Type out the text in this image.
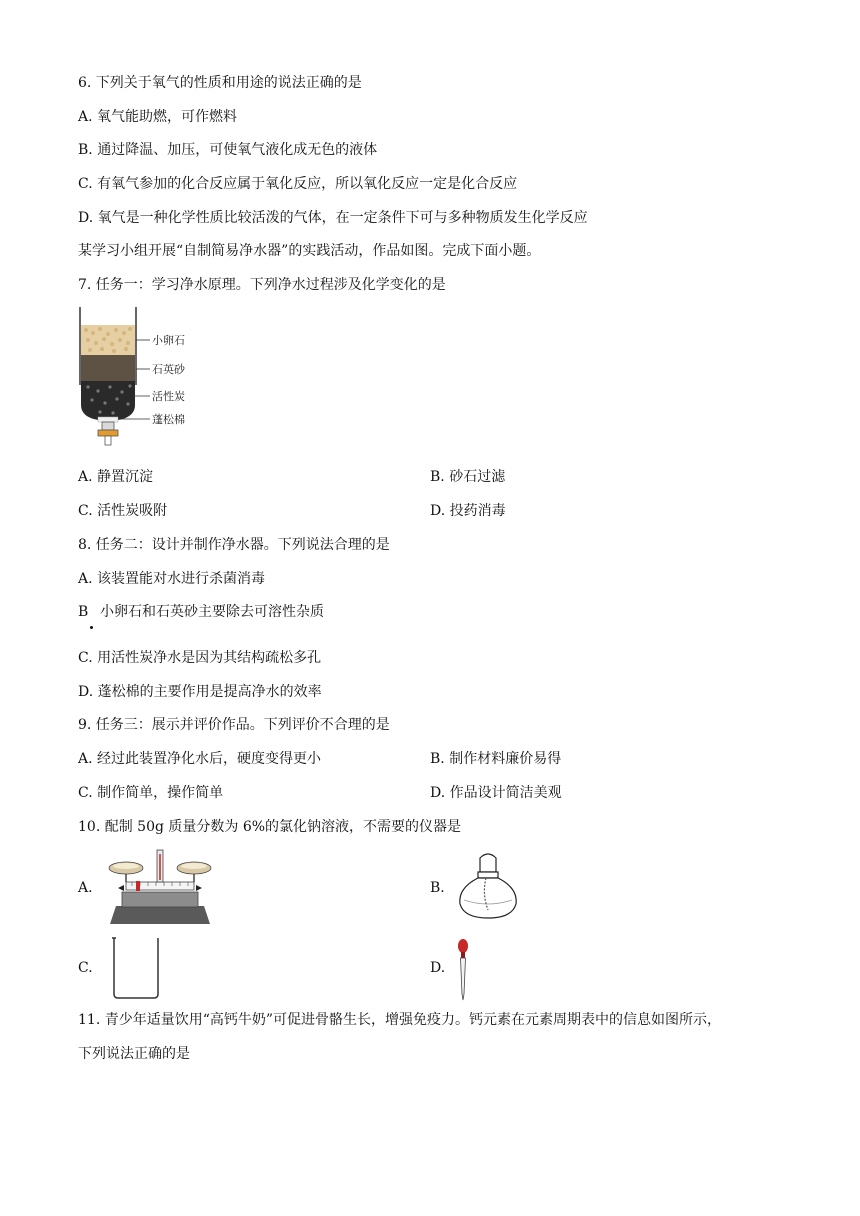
6. 下列关于氧气的性质和用途的说法正确的是
A. 氧气能助燃，可作燃料
B. 通过降温、加压，可使氧气液化成无色的液体
C. 有氧气参加的化合反应属于氧化反应，所以氧化反应一定是化合反应
D. 氧气是一种化学性质比较活泼的气体，在一定条件下可与多种物质发生化学反应
某学习小组开展“自制简易净水器”的实践活动，作品如图。完成下面小题。
7. 任务一：学习净水原理。下列净水过程涉及化学变化的是
小卵石
石英砂
活性炭
蓬松棉
A. 静置沉淀	B. 砂石过滤
C. 活性炭吸附	D. 投药消毒
8. 任务二：设计并制作净水器。下列说法合理的是
A. 该装置能对水进行杀菌消毒
B 小卵石和石英砂主要除去可溶性杂质
C. 用活性炭净水是因为其结构疏松多孔
D. 蓬松棉的主要作用是提高净水的效率
9. 任务三：展示并评价作品。下列评价不合理的是
A. 经过此装置净化水后，硬度变得更小	B. 制作材料廉价易得
C. 制作简单，操作简单	D. 作品设计简洁美观
10. 配制 50g 质量分数为 6%的氯化钠溶液，不需要的仪器是
A.	B.
C.	D.
11. 青少年适量饮用“高钙牛奶”可促进骨骼生长，增强免疫力。钙元素在元素周期表中的信息如图所示，
下列说法正确的是
